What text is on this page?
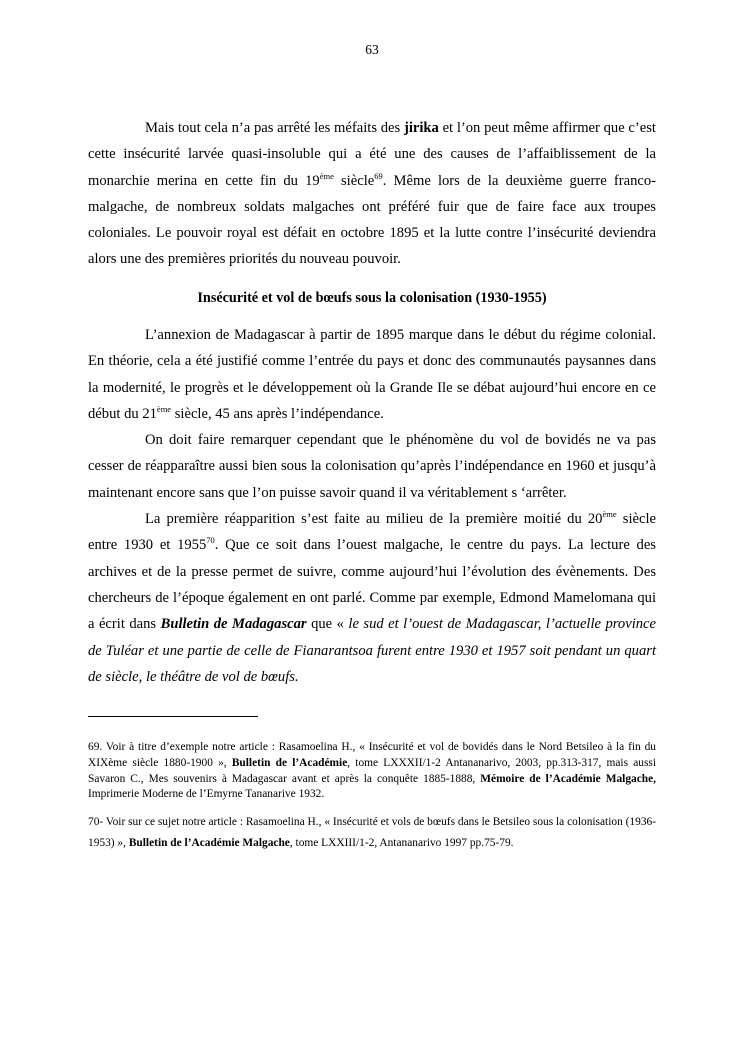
63

Mais tout cela n’a pas arrêté les méfaits des jirika et l’on peut même affirmer que c’est cette insécurité larvée quasi-insoluble qui a été une des causes de l’affaiblissement de la monarchie merina en cette fin du 19ème siècle$^{69}$. Même lors de la deuxième guerre franco-malgache, de nombreux soldats malgaches ont préféré fuir que de faire face aux troupes coloniales. Le pouvoir royal est défait en octobre 1895 et la lutte contre l’insécurité deviendra alors une des premières priorités du nouveau pouvoir.

Insécurité et vol de bœufs sous la colonisation (1930-1955)

L’annexion de Madagascar à partir de 1895 marque dans le début du régime colonial. En théorie, cela a été justifié comme l’entrée du pays et donc des communautés paysannes dans la modernité, le progrès et le développement où la Grande Ile se débat aujourd’hui encore en ce début du 21ème siècle, 45 ans après l’indépendance.

On doit faire remarquer cependant que le phénomène du vol de bovidés ne va pas cesser de réapparaître aussi bien sous la colonisation qu’après l’indépendance en 1960 et jusqu’à maintenant encore sans que l’on puisse savoir quand il va véritablement s ‘arrêter.

La première réapparition s’est faite au milieu de la première moitié du 20ème siècle entre 1930 et 1955$^{70}$. Que ce soit dans l’ouest malgache, le centre du pays. La lecture des archives et de la presse permet de suivre, comme aujourd’hui l’évolution des évènements. Des chercheurs de l’époque également en ont parlé. Comme par exemple, Edmond Mamelomana qui a écrit dans Bulletin de Madagascar que « le sud et l’ouest de Madagascar, l’actuelle province de Tuléar et une partie de celle de Fianarantsoa furent entre 1930 et 1957 soit pendant un quart de siècle, le théâtre de vol de bœufs.

69. Voir à titre d’exemple notre article : Rasamoelina H., « Insécurité et vol de bovidés dans le Nord Betsileo à la fin du XIXème siècle 1880-1900 », Bulletin de l’Académie, tome LXXXII/1-2 Antananarivo, 2003, pp.313-317, mais aussi Savaron C., Mes souvenirs à Madagascar avant et après la conquête 1885-1888, Mémoire de l’Académie Malgache, Imprimerie Moderne de l’Emyrne Tananarive 1932.
70- Voir sur ce sujet notre article : Rasamoelina H., « Insécurité et vols de bœufs dans le Betsileo sous la colonisation (1936-1953) », Bulletin de l’Académie Malgache, tome LXXIII/1-2, Antananarivo 1997 pp.75-79.
